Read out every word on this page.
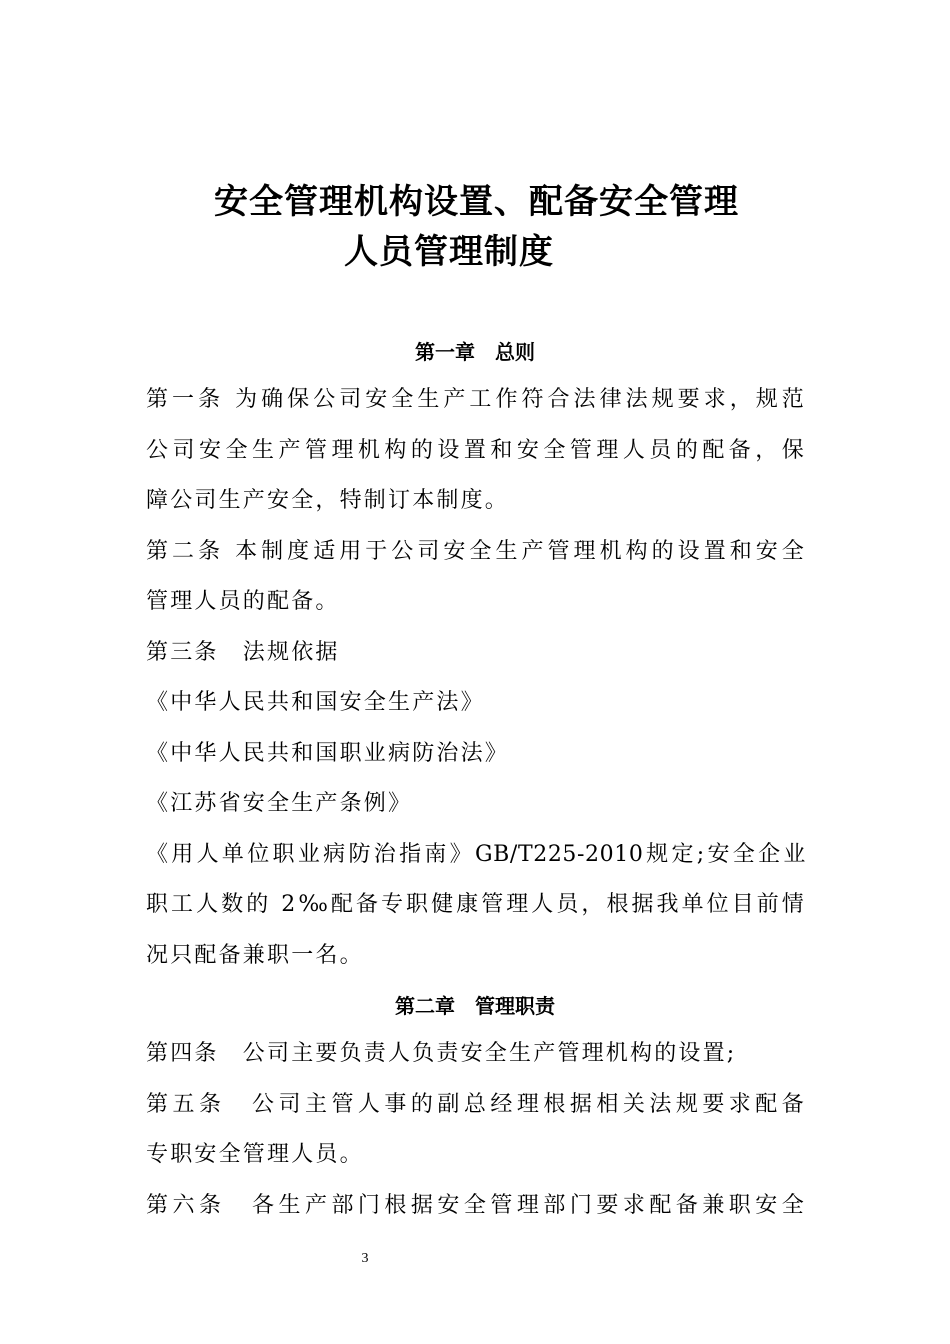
安全管理机构设置、配备安全管理
人员管理制度
第一章　总则
第一条 为确保公司安全生产工作符合法律法规要求，规范
公司安全生产管理机构的设置和安全管理人员的配备，保
障公司生产安全，特制订本制度。
第二条 本制度适用于公司安全生产管理机构的设置和安全
管理人员的配备。
第三条　法规依据
《中华人民共和国安全生产法》
《中华人民共和国职业病防治法》
《江苏省安全生产条例》
《用人单位职业病防治指南》GB/T225-2010规定;安全企业
职工人数的 2‰配备专职健康管理人员，根据我单位目前情
况只配备兼职一名。
第二章　管理职责
第四条　公司主要负责人负责安全生产管理机构的设置;
第五条　公司主管人事的副总经理根据相关法规要求配备
专职安全管理人员。
第六条　各生产部门根据安全管理部门要求配备兼职安全
3
